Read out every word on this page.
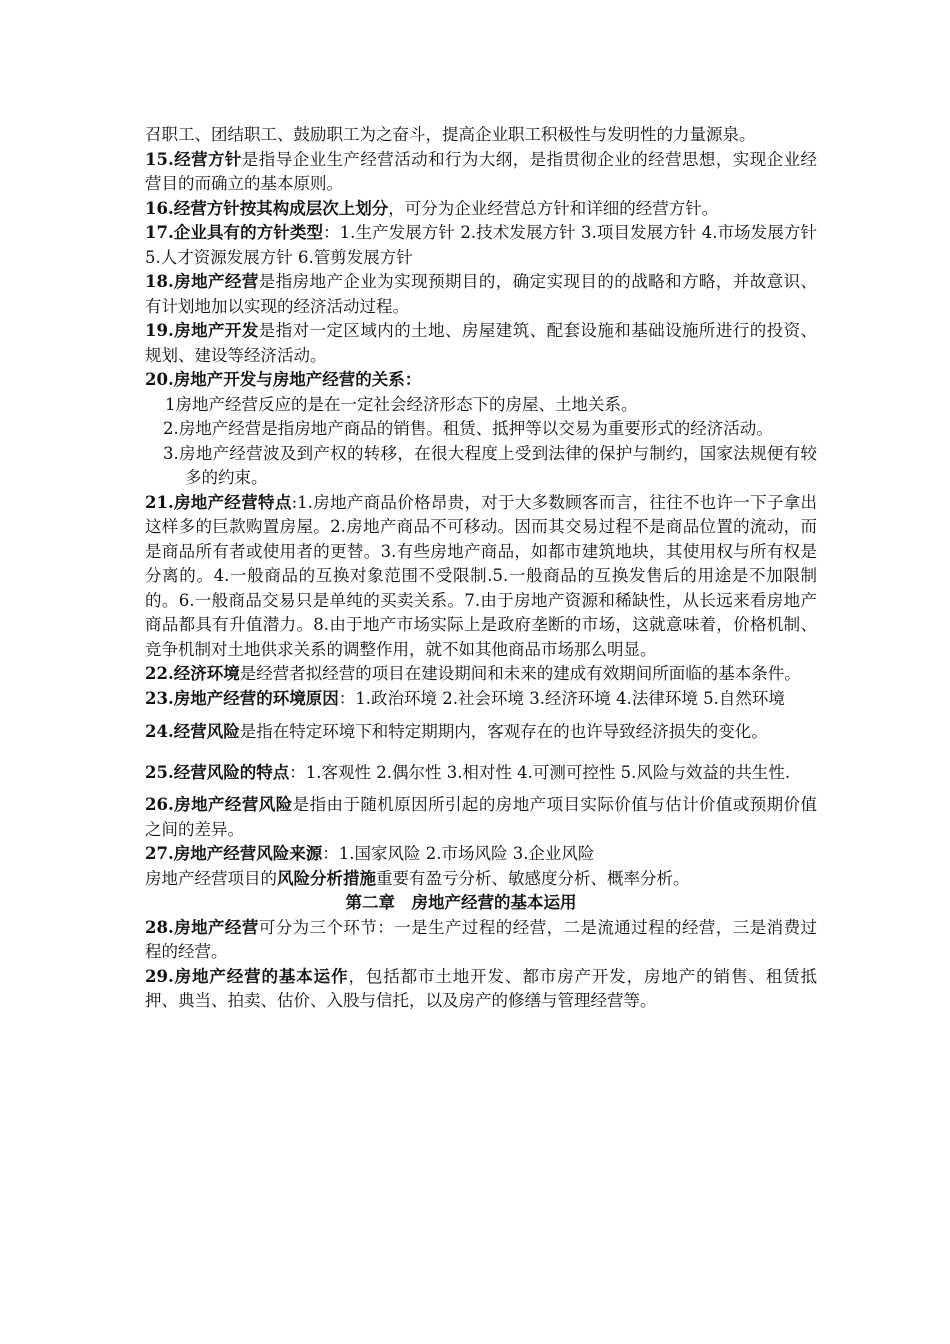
召职工、团结职工、鼓励职工为之奋斗，提高企业职工积极性与发明性的力量源泉。

15.经营方针是指导企业生产经营活动和行为大纲，是指贯彻企业的经营思想，实现企业经营目的而确立的基本原则。

16.经营方针按其构成层次上划分，可分为企业经营总方针和详细的经营方针。

17.企业具有的方针类型：1.生产发展方针 2.技术发展方针 3.项目发展方针 4.市场发展方针 5.人才资源发展方针 6.管剪发展方针

18.房地产经营是指房地产企业为实现预期目的，确定实现目的的战略和方略，并故意识、有计划地加以实现的经济活动过程。

19.房地产开发是指对一定区域内的土地、房屋建筑、配套设施和基础设施所进行的投资、规划、建设等经济活动。

20.房地产开发与房地产经营的关系：

1房地产经营反应的是在一定社会经济形态下的房屋、土地关系。

2.房地产经营是指房地产商品的销售。租赁、抵押等以交易为重要形式的经济活动。

3.房地产经营波及到产权的转移，在很大程度上受到法律的保护与制约，国家法规便有较多的约束。

21.房地产经营特点:1.房地产商品价格昂贵，对于大多数顾客而言，往往不也许一下子拿出这样多的巨款购置房屋。2.房地产商品不可移动。因而其交易过程不是商品位置的流动，而是商品所有者或使用者的更替。3.有些房地产商品，如都市建筑地块，其使用权与所有权是分离的。4.一般商品的互换对象范围不受限制.5.一般商品的互换发售后的用途是不加限制的。6.一般商品交易只是单纯的买卖关系。7.由于房地产资源和稀缺性，从长远来看房地产商品都具有升值潜力。8.由于地产市场实际上是政府垄断的市场，这就意味着，价格机制、竞争机制对土地供求关系的调整作用，就不如其他商品市场那么明显。

22.经济环境是经营者拟经营的项目在建设期间和未来的建成有效期间所面临的基本条件。

23.房地产经营的环境原因：1.政治环境 2.社会环境 3.经济环境 4.法律环境 5.自然环境

24.经营风险是指在特定环境下和特定期期内，客观存在的也许导致经济损失的变化。

25.经营风险的特点：1.客观性 2.偶尔性 3.相对性 4.可测可控性 5.风险与效益的共生性.

26.房地产经营风险是指由于随机原因所引起的房地产项目实际价值与估计价值或预期价值之间的差异。

27.房地产经营风险来源：1.国家风险 2.市场风险 3.企业风险

房地产经营项目的风险分析措施重要有盈亏分析、敏感度分析、概率分析。

第二章　房地产经营的基本运用

28.房地产经营可分为三个环节：一是生产过程的经营，二是流通过程的经营，三是消费过程的经营。

29.房地产经营的基本运作，包括都市土地开发、都市房产开发，房地产的销售、租赁抵押、典当、拍卖、估价、入股与信托，以及房产的修缮与管理经营等。
